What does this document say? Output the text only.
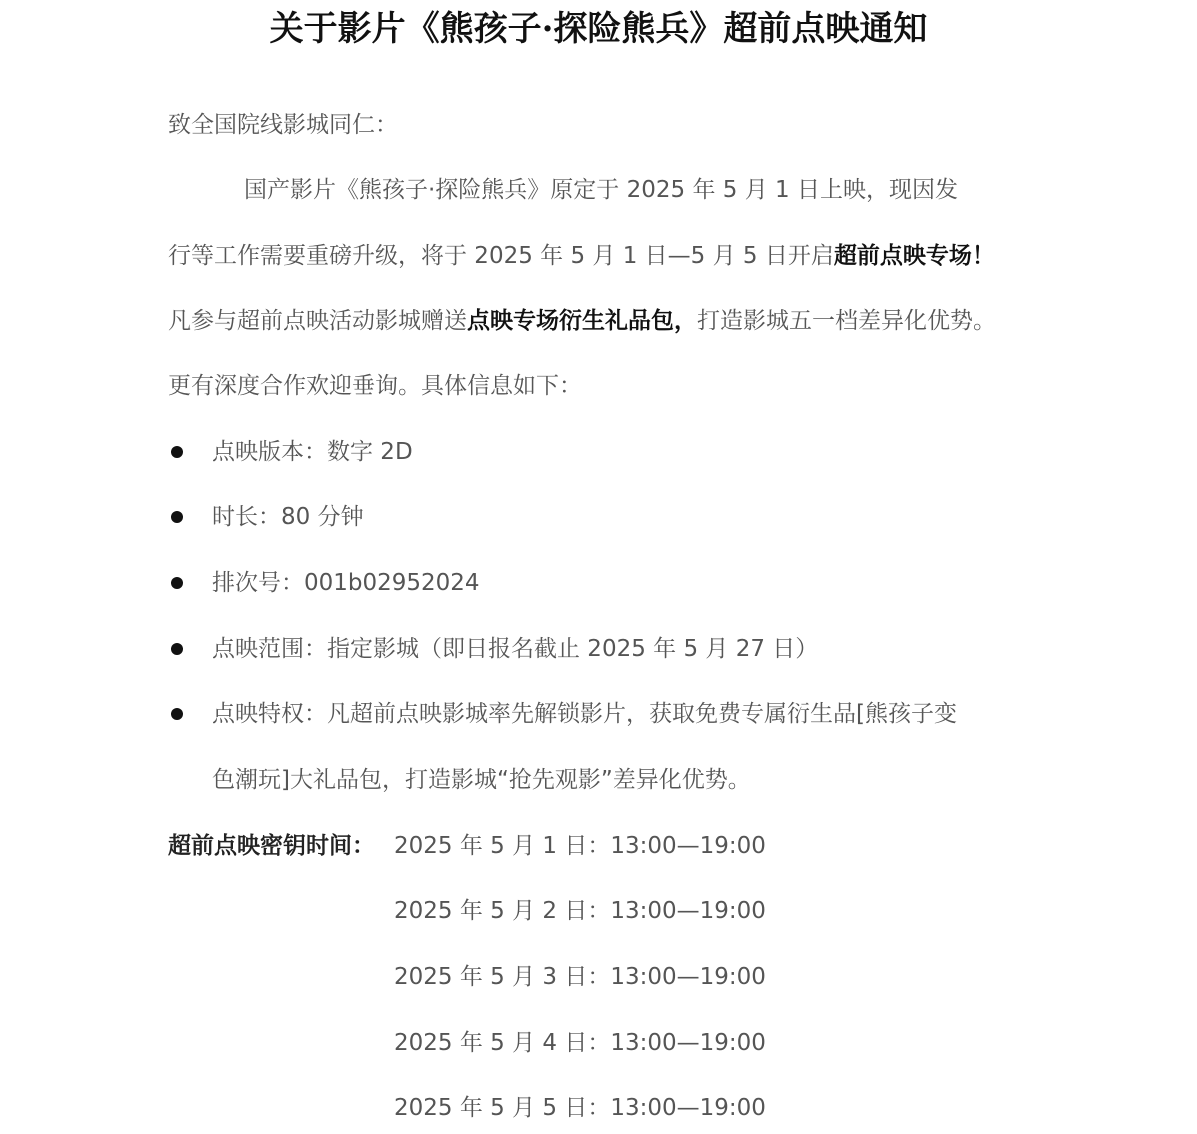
关于影片《熊孩子·探险熊兵》超前点映通知
致全国院线影城同仁：
国产影片《熊孩子·探险熊兵》原定于 2025 年 5 月 1 日上映，现因发
行等工作需要重磅升级，将于 2025 年 5 月 1 日—5 月 5 日开启超前点映专场！
凡参与超前点映活动影城赠送点映专场衍生礼品包，打造影城五一档差异化优势。
更有深度合作欢迎垂询。具体信息如下：
点映版本：数字 2D
时长：80 分钟
排次号：001b02952024
点映范围：指定影城（即日报名截止 2025 年 5 月 27 日）
点映特权：凡超前点映影城率先解锁影片，获取免费专属衍生品[熊孩子变
色潮玩]大礼品包，打造影城“抢先观影”差异化优势。
超前点映密钥时间： 2025 年 5 月 1 日：13:00—19:00
2025 年 5 月 2 日：13:00—19:00
2025 年 5 月 3 日：13:00—19:00
2025 年 5 月 4 日：13:00—19:00
2025 年 5 月 5 日：13:00—19:00
